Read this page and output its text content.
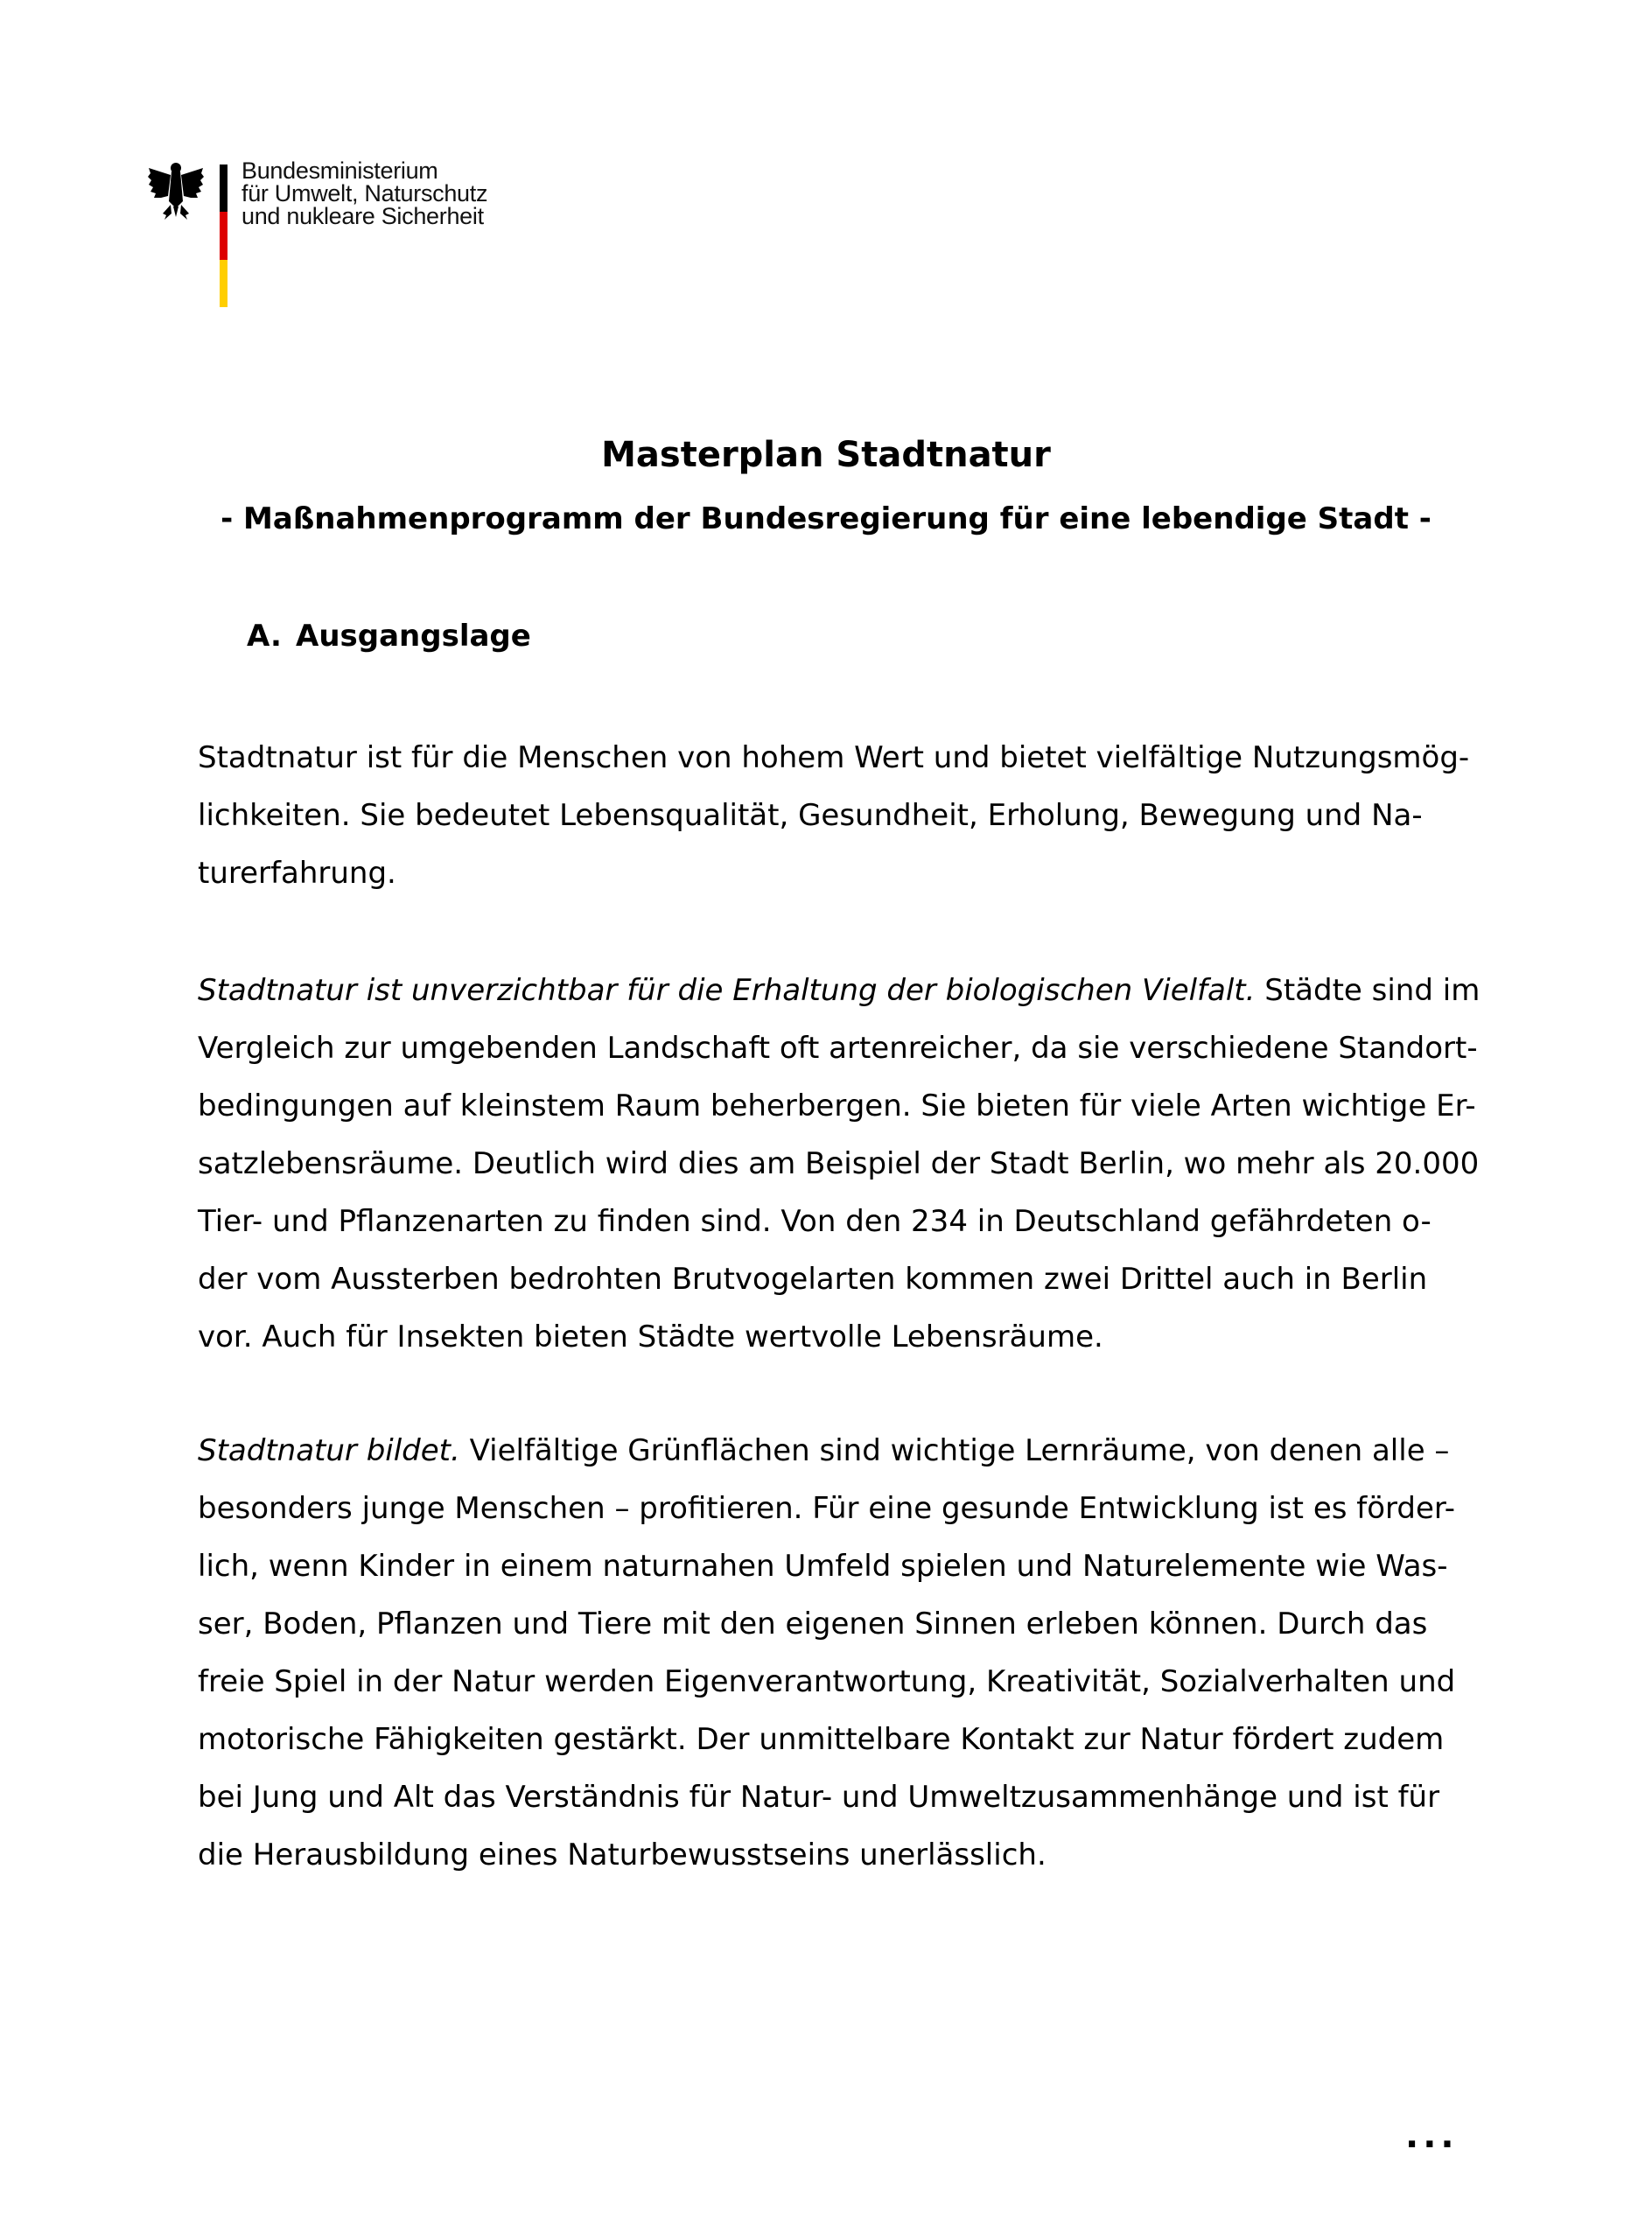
Bundesministerium
für Umwelt, Naturschutz
und nukleare Sicherheit
Masterplan Stadtnatur
- Maßnahmenprogramm der Bundesregierung für eine lebendige Stadt -
A. Ausgangslage

Stadtnatur ist für die Menschen von hohem Wert und bietet vielfältige Nutzungsmög-
lichkeiten. Sie bedeutet Lebensqualität, Gesundheit, Erholung, Bewegung und Na-
turerfahrung.

Stadtnatur ist unverzichtbar für die Erhaltung der biologischen Vielfalt. Städte sind im
Vergleich zur umgebenden Landschaft oft artenreicher, da sie verschiedene Standort-
bedingungen auf kleinstem Raum beherbergen. Sie bieten für viele Arten wichtige Er-
satzlebensräume. Deutlich wird dies am Beispiel der Stadt Berlin, wo mehr als 20.000
Tier- und Pflanzenarten zu finden sind. Von den 234 in Deutschland gefährdeten o-
der vom Aussterben bedrohten Brutvogelarten kommen zwei Drittel auch in Berlin
vor. Auch für Insekten bieten Städte wertvolle Lebensräume.

Stadtnatur bildet. Vielfältige Grünflächen sind wichtige Lernräume, von denen alle –
besonders junge Menschen – profitieren. Für eine gesunde Entwicklung ist es förder-
lich, wenn Kinder in einem naturnahen Umfeld spielen und Naturelemente wie Was-
ser, Boden, Pflanzen und Tiere mit den eigenen Sinnen erleben können. Durch das
freie Spiel in der Natur werden Eigenverantwortung, Kreativität, Sozialverhalten und
motorische Fähigkeiten gestärkt. Der unmittelbare Kontakt zur Natur fördert zudem
bei Jung und Alt das Verständnis für Natur- und Umweltzusammenhänge und ist für
die Herausbildung eines Naturbewusstseins unerlässlich.

...
